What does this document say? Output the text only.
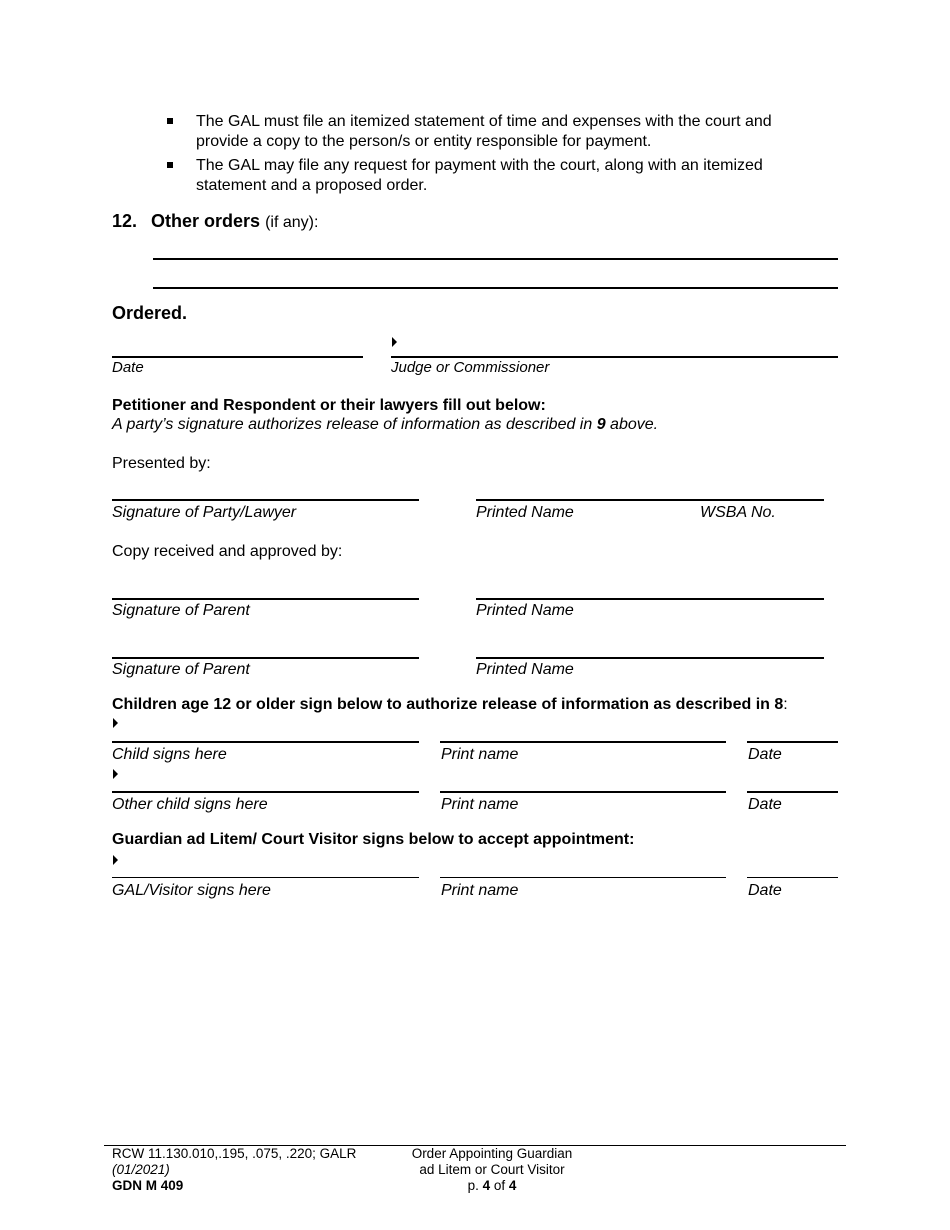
The GAL must file an itemized statement of time and expenses with the court and
provide a copy to the person/s or entity responsible for payment.
The GAL may file any request for payment with the court, along with an itemized
statement and a proposed order.
12. Other orders (if any):
Ordered.
Date	Judge or Commissioner
Petitioner and Respondent or their lawyers fill out below:
A party’s signature authorizes release of information as described in 9 above.
Presented by:
Signature of Party/Lawyer	Printed Name	WSBA No.
Copy received and approved by:
Signature of Parent	Printed Name
Signature of Parent	Printed Name
Children age 12 or older sign below to authorize release of information as described in 8:
Child signs here	Print name	Date
Other child signs here	Print name	Date
Guardian ad Litem/ Court Visitor signs below to accept appointment:
GAL/Visitor signs here	Print name	Date
RCW 11.130.010,.195, .075, .220; GALR
(01/2021)
GDN M 409
Order Appointing Guardian
ad Litem or Court Visitor
p. 4 of 4
